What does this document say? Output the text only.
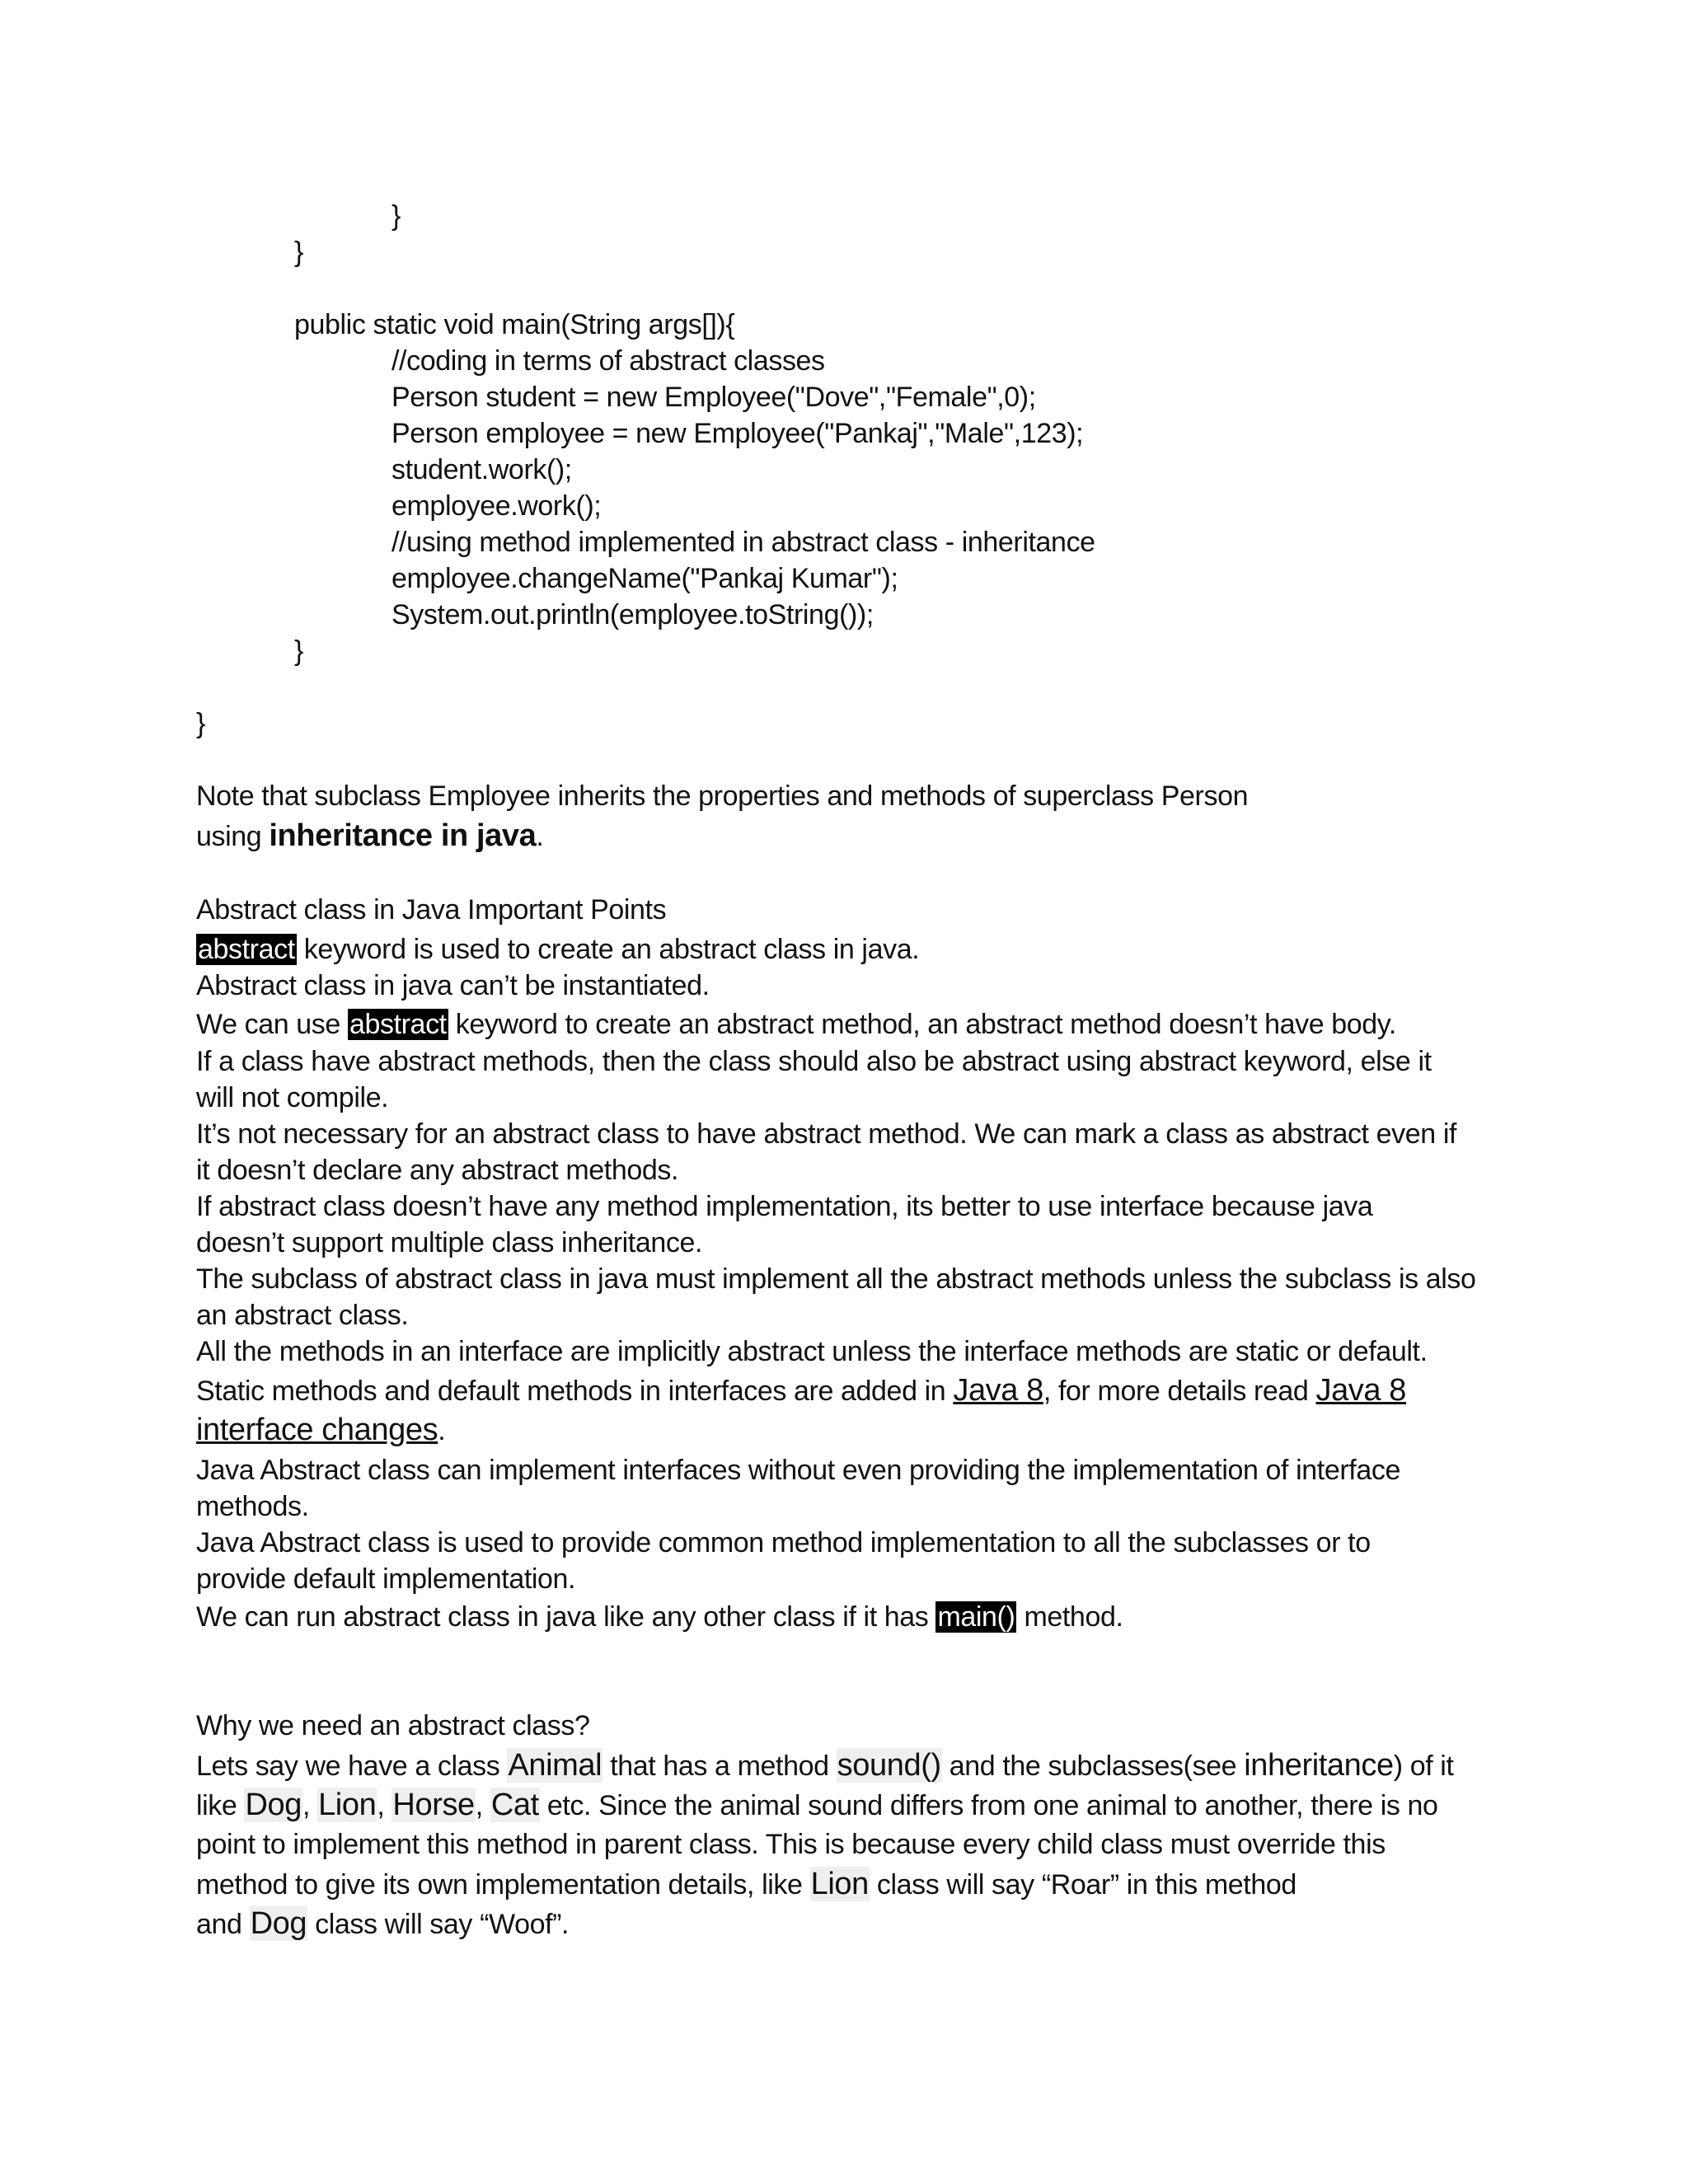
}
}
public static void main(String args[]){
//coding in terms of abstract classes
Person student = new Employee("Dove","Female",0);
Person employee = new Employee("Pankaj","Male",123);
student.work();
employee.work();
//using method implemented in abstract class - inheritance
employee.changeName("Pankaj Kumar");
System.out.println(employee.toString());
}
}
Note that subclass Employee inherits the properties and methods of superclass Person
using inheritance in java.
Abstract class in Java Important Points
abstract keyword is used to create an abstract class in java.
Abstract class in java can’t be instantiated.
We can use abstract keyword to create an abstract method, an abstract method doesn’t have body.
If a class have abstract methods, then the class should also be abstract using abstract keyword, else it
will not compile.
It’s not necessary for an abstract class to have abstract method. We can mark a class as abstract even if
it doesn’t declare any abstract methods.
If abstract class doesn’t have any method implementation, its better to use interface because java
doesn’t support multiple class inheritance.
The subclass of abstract class in java must implement all the abstract methods unless the subclass is also
an abstract class.
All the methods in an interface are implicitly abstract unless the interface methods are static or default.
Static methods and default methods in interfaces are added in Java 8, for more details read Java 8
interface changes.
Java Abstract class can implement interfaces without even providing the implementation of interface
methods.
Java Abstract class is used to provide common method implementation to all the subclasses or to
provide default implementation.
We can run abstract class in java like any other class if it has main() method.
Why we need an abstract class?
Lets say we have a class Animal that has a method sound() and the subclasses(see inheritance) of it
like Dog, Lion, Horse, Cat etc. Since the animal sound differs from one animal to another, there is no
point to implement this method in parent class. This is because every child class must override this
method to give its own implementation details, like Lion class will say “Roar” in this method
and Dog class will say “Woof”.
